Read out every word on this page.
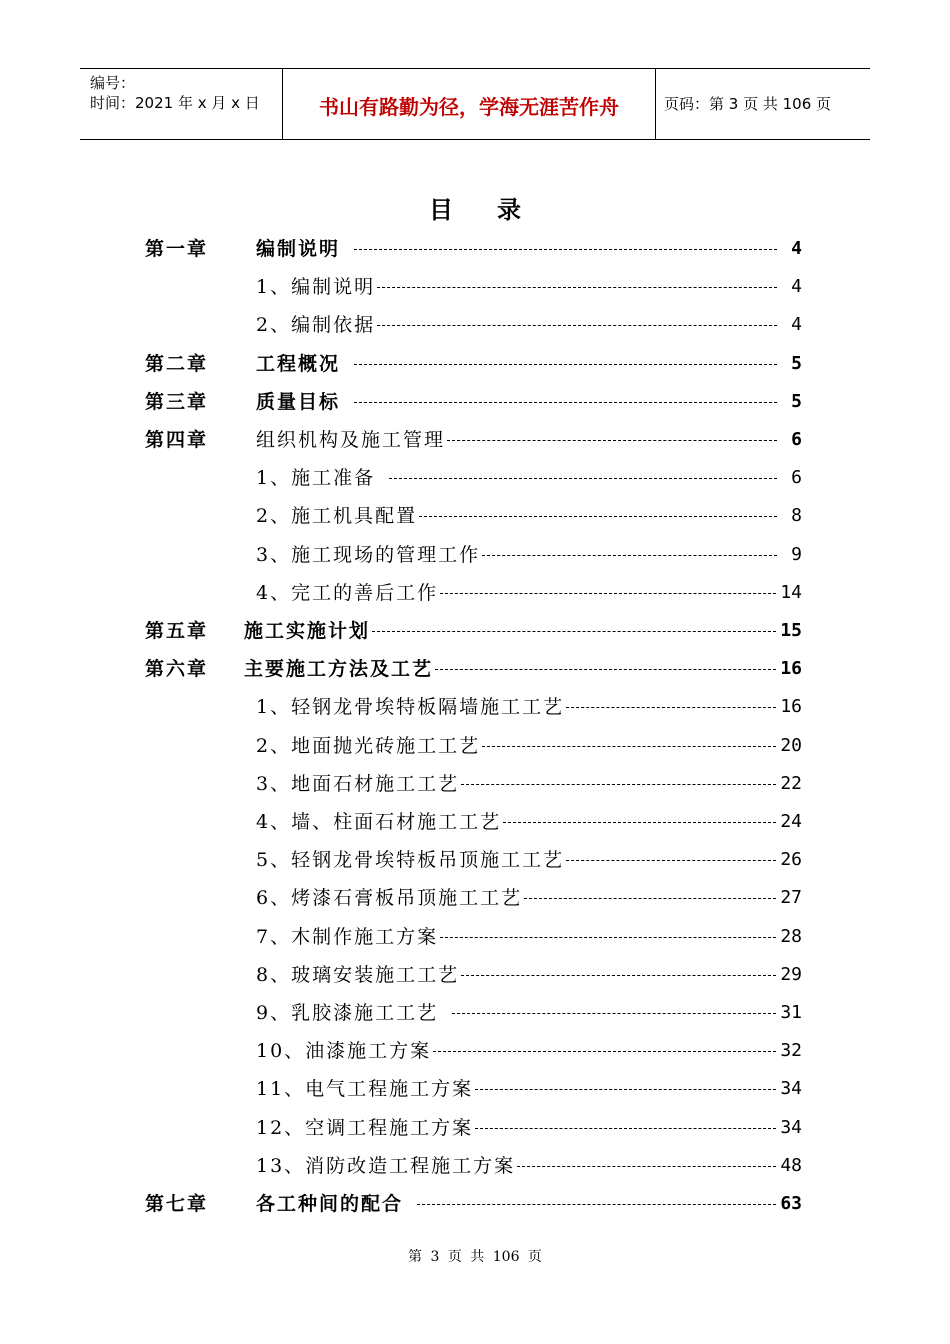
编号：
时间：2021 年 x 月 x 日	书山有路勤为径，学海无涯苦作舟	页码：第 3 页 共 106 页
目录
第一章	编制说明	4
1、编制说明	4
2、编制依据	4
第二章	工程概况	5
第三章	质量目标	5
第四章	组织机构及施工管理	6
1、施工准备	6
2、施工机具配置	8
3、施工现场的管理工作	9
4、完工的善后工作	14
第五章 施工实施计划	15
第六章 主要施工方法及工艺	16
1、轻钢龙骨埃特板隔墙施工工艺	16
2、地面抛光砖施工工艺	20
3、地面石材施工工艺	22
4、墙、柱面石材施工工艺	24
5、轻钢龙骨埃特板吊顶施工工艺	26
6、烤漆石膏板吊顶施工工艺	27
7、木制作施工方案	28
8、玻璃安装施工工艺	29
9、乳胶漆施工工艺	31
10、油漆施工方案	32
11、电气工程施工方案	34
12、空调工程施工方案	34
13、消防改造工程施工方案	48
第七章	各工种间的配合	63
第 3 页 共 106 页
